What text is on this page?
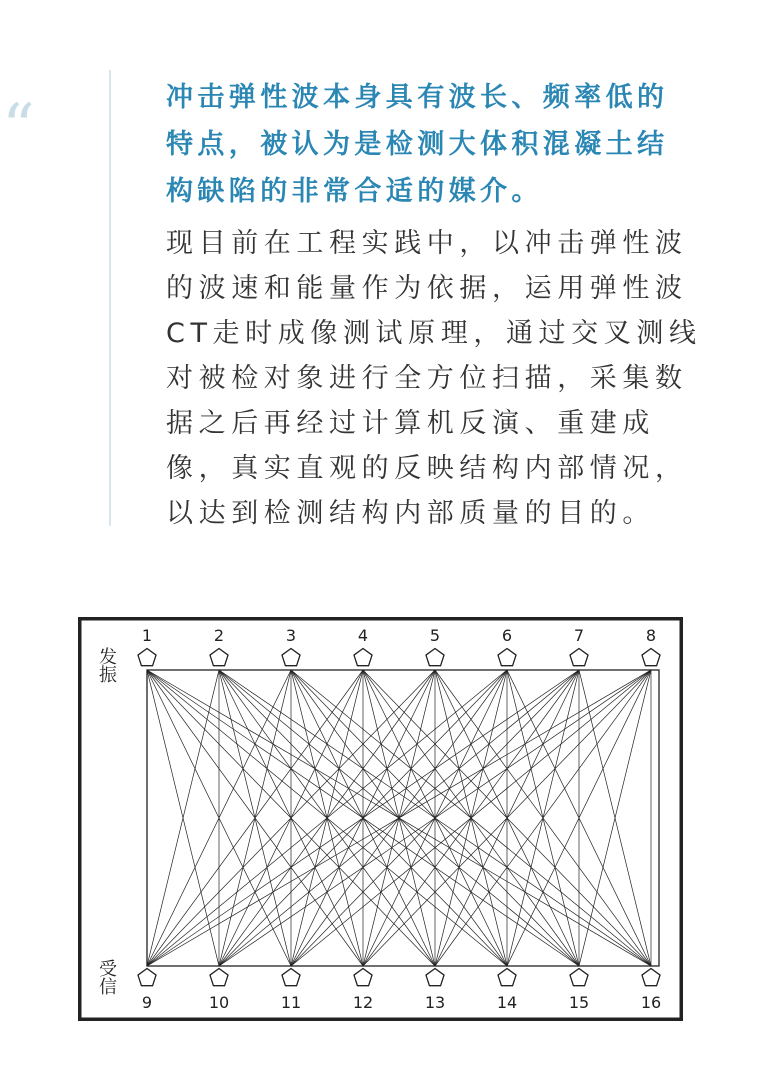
“	冲击弹性波本身具有波长、频率低的
特点，被认为是检测大体积混凝土结
构缺陷的非常合适的媒介。
现目前在工程实践中，以冲击弹性波
的波速和能量作为依据，运用弹性波
CT走时成像测试原理，通过交叉测线
对被检对象进行全方位扫描，采集数
据之后再经过计算机反演、重建成
像，真实直观的反映结构内部情况，
以达到检测结构内部质量的目的。
1	2	3	4	5	6	7	8
9	10	11	12	13	14	15	16
发
振
受
信
